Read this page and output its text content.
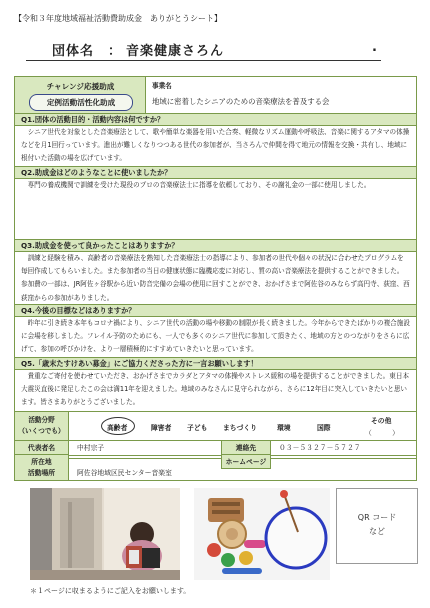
【令和３年度地域福祉活動費助成金　ありがとうシート】
団体名　： 音楽健康さろん	.
チャレンジ応援助成
定例活動活性化助成
事業名
地域に密着したシニアのための音楽療法を普及する会
Q1.団体の活動目的・活動内容は何ですか？
　シニア世代を対象とした音楽療法として、歌や簡単な楽器を用いた合奏、軽微なリズム運動や呼吸法、音楽に関するアタマの体操などを月1回行っています。進出が難しくなりつつある世代の参加者が、当さろんで仲間を得て地元の情報を交換・共有し、地域に根付いた活動の場を広げています。
Q2.助成金はどのようなことに使いましたか？
　専門の養成機関で訓練を受けた現役のプロの音楽療法士に指導を依頼しており、その謝礼金の一部に使用しました。
Q3.助成金を使って良かったことはありますか？
　訓練と経験を積み、高齢者の音楽療法を熟知した音楽療法士の指導により、参加者の世代や個々の状況に合わせたプログラムを毎回作成してもらいました。また参加者の当日の健康状態に臨機応変に対応し、質の高い音楽療法を提供することができました。参加費の一部は、JR阿佐ヶ谷駅から近い防音完備の会場の使用に回すことができ、おかげさまで阿佐谷のみならず高円寺、荻窪、西荻窪からの参加がありました。
Q4.今後の目標などはありますか？
　昨年に引き続き本年もコロナ禍により、シニア世代の活動の場や移動の制限が長く続きました。今年からできたばかりの複合施設に会場を移しました。フレイル予防のためにも、一人でも多くのシニア世代に参加して頂きたく、地域の方とのつながりをさらに広げて、参加の呼びかけを、より一層積極的にすすめていきたいと思っています。
Q5.「歳末たすけあい募金」にご協力くださった方に一言お願いします！
　貴重なご寄付を使わせていただき、おかげさまでカラダとアタマの体操やストレス緩和の場を提供することができました。東日本大震災直後に発足したこの会は満11年を迎えました。地域のみなさんに見守られながら、さらに12年目に突入していきたいと思います。皆さまありがとうございました。
活動分野
（いくつでも）	高齢者	障害者 子ども まちづくり	環境	国際
その他
（　　　）
代表者名	中村宗子	連絡先	０３－５３２７－５７２７
所在地
活動場所	阿佐谷地域区民センター音楽室
ホームページ
QR コード
など
＊１ページに収まるようにご記入をお願いします。
